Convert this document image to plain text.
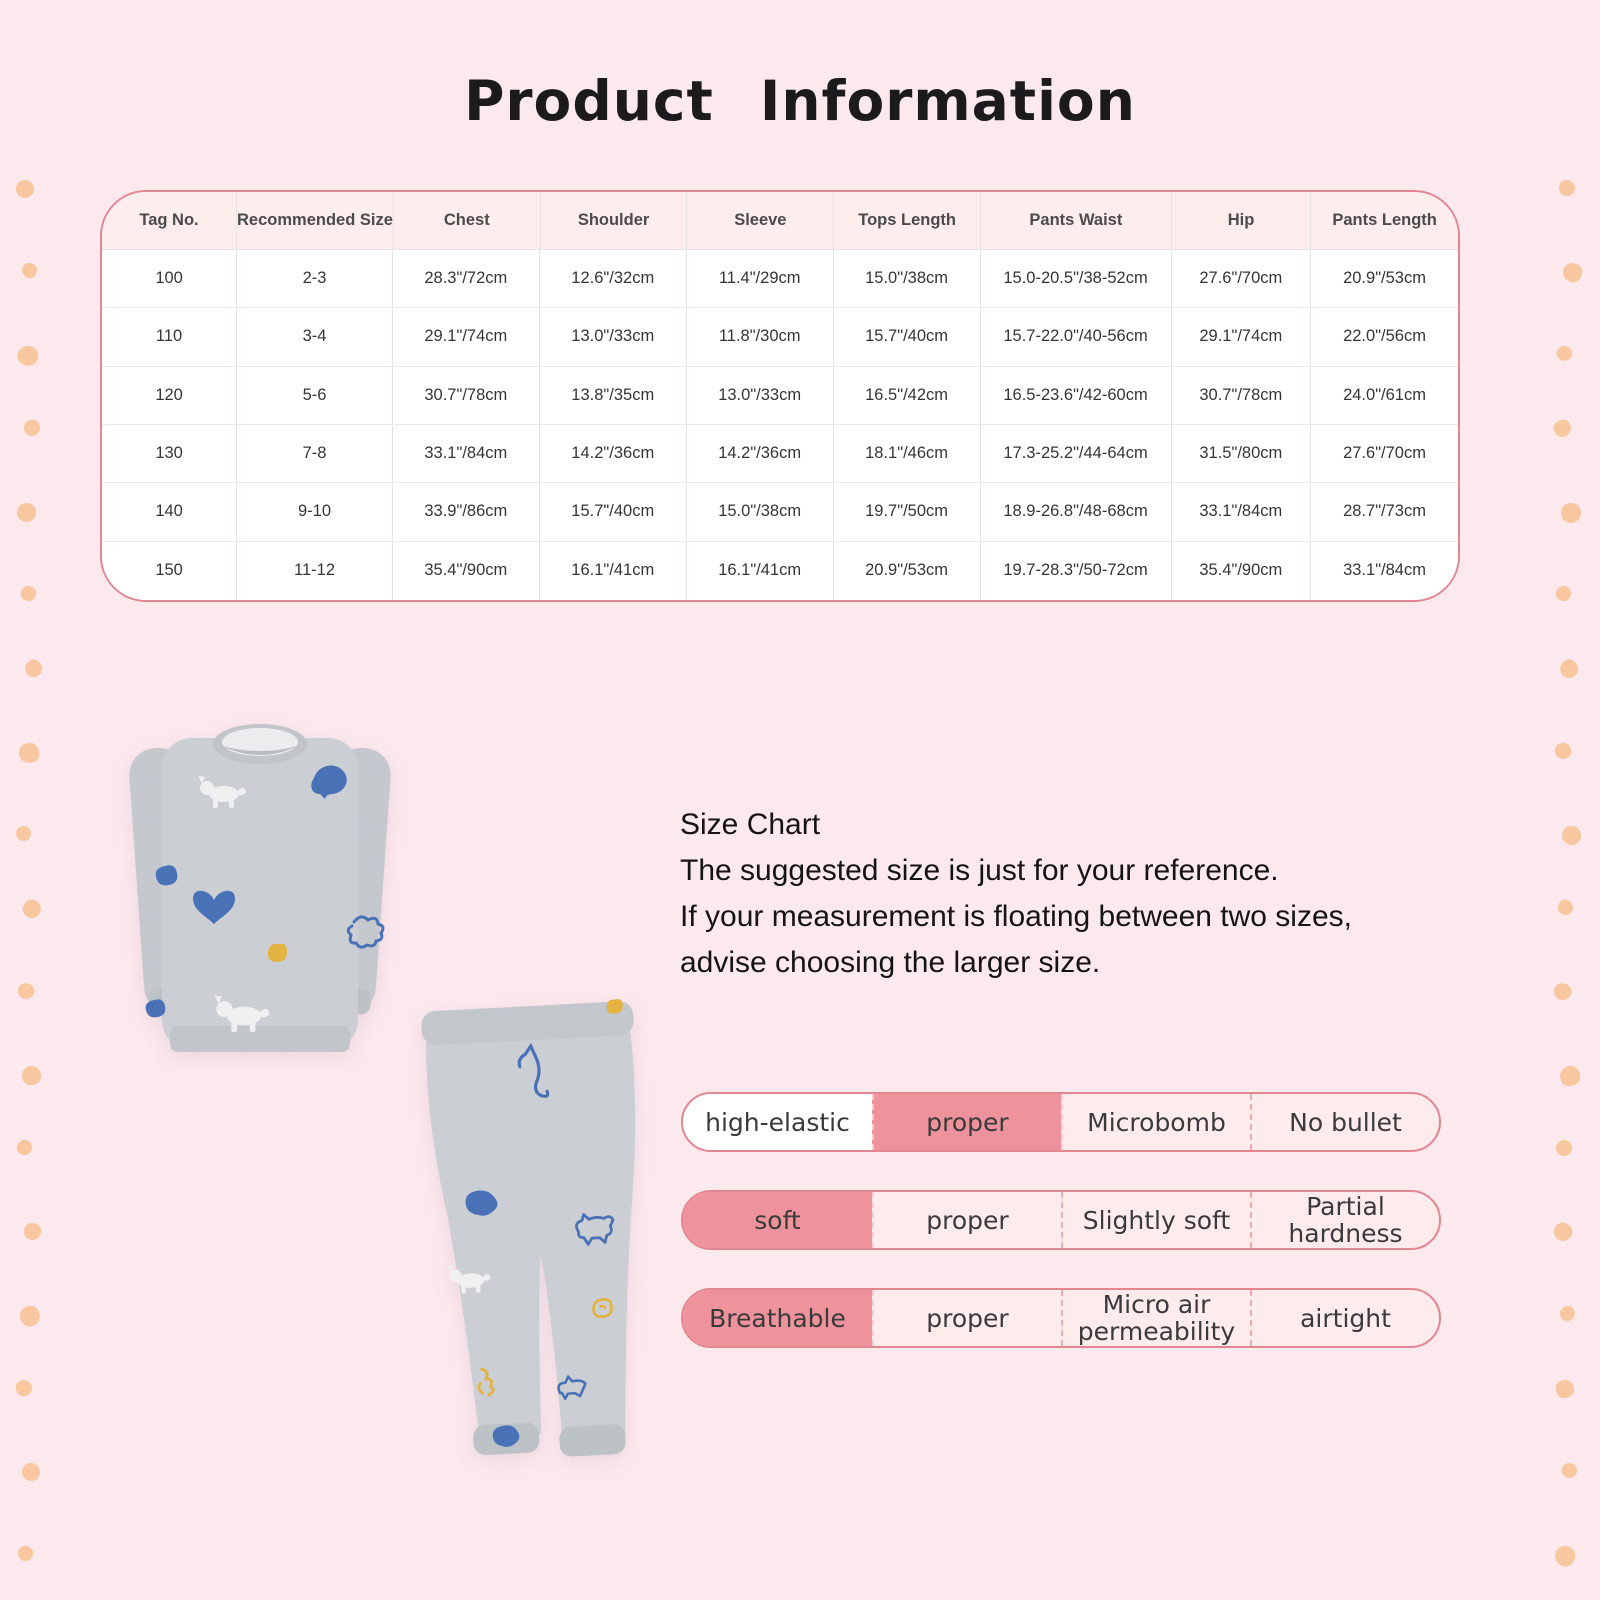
Product Information
Tag No.	Recommended Size	Chest	Shoulder	Sleeve	Tops Length	Pants Waist	Hip	Pants Length
100	2-3	28.3"/72cm	12.6"/32cm	11.4"/29cm	15.0"/38cm	15.0-20.5"/38-52cm	27.6"/70cm	20.9"/53cm
110	3-4	29.1"/74cm	13.0"/33cm	11.8"/30cm	15.7"/40cm	15.7-22.0"/40-56cm	29.1"/74cm	22.0"/56cm
120	5-6	30.7"/78cm	13.8"/35cm	13.0"/33cm	16.5"/42cm	16.5-23.6"/42-60cm	30.7"/78cm	24.0"/61cm
130	7-8	33.1"/84cm	14.2"/36cm	14.2"/36cm	18.1"/46cm	17.3-25.2"/44-64cm	31.5"/80cm	27.6"/70cm
140	9-10	33.9"/86cm	15.7"/40cm	15.0"/38cm	19.7"/50cm	18.9-26.8"/48-68cm	33.1"/84cm	28.7"/73cm
150	11-12	35.4"/90cm	16.1"/41cm	16.1"/41cm	20.9"/53cm	19.7-28.3"/50-72cm	35.4"/90cm	33.1"/84cm
Size Chart
The suggested size is just for your reference.
If your measurement is floating between two sizes,
advise choosing the larger size.
high-elastic	proper	Microbomb	No bullet
soft	proper	Slightly soft	Partial hardness
Breathable	proper	Micro air permeability	airtight
